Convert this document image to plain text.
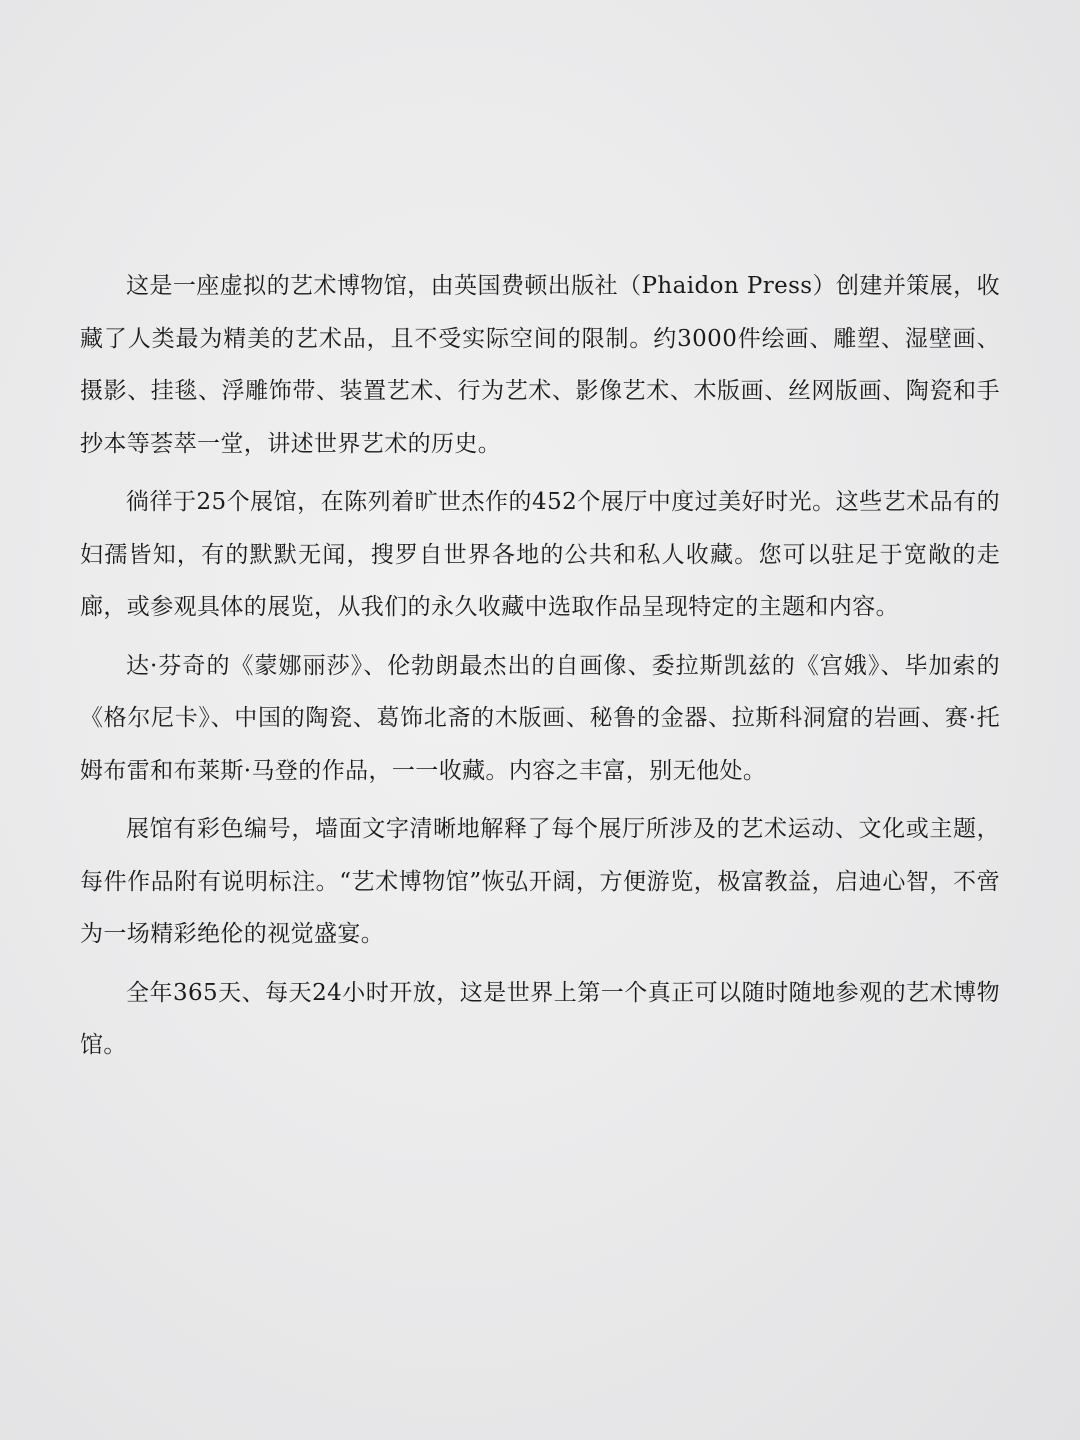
这是一座虚拟的艺术博物馆，由英国费顿出版社（Phaidon Press）创建并策展，收藏了人类最为精美的艺术品，且不受实际空间的限制。约3000件绘画、雕塑、湿壁画、摄影、挂毯、浮雕饰带、装置艺术、行为艺术、影像艺术、木版画、丝网版画、陶瓷和手抄本等荟萃一堂，讲述世界艺术的历史。

徜徉于25个展馆，在陈列着旷世杰作的452个展厅中度过美好时光。这些艺术品有的妇孺皆知，有的默默无闻，搜罗自世界各地的公共和私人收藏。您可以驻足于宽敞的走廊，或参观具体的展览，从我们的永久收藏中选取作品呈现特定的主题和内容。

达·芬奇的《蒙娜丽莎》、伦勃朗最杰出的自画像、委拉斯凯兹的《宫娥》、毕加索的《格尔尼卡》、中国的陶瓷、葛饰北斋的木版画、秘鲁的金器、拉斯科洞窟的岩画、赛·托姆布雷和布莱斯·马登的作品，一一收藏。内容之丰富，别无他处。

展馆有彩色编号，墙面文字清晰地解释了每个展厅所涉及的艺术运动、文化或主题，每件作品附有说明标注。“艺术博物馆”恢弘开阔，方便游览，极富教益，启迪心智，不啻为一场精彩绝伦的视觉盛宴。

全年365天、每天24小时开放，这是世界上第一个真正可以随时随地参观的艺术博物馆。
